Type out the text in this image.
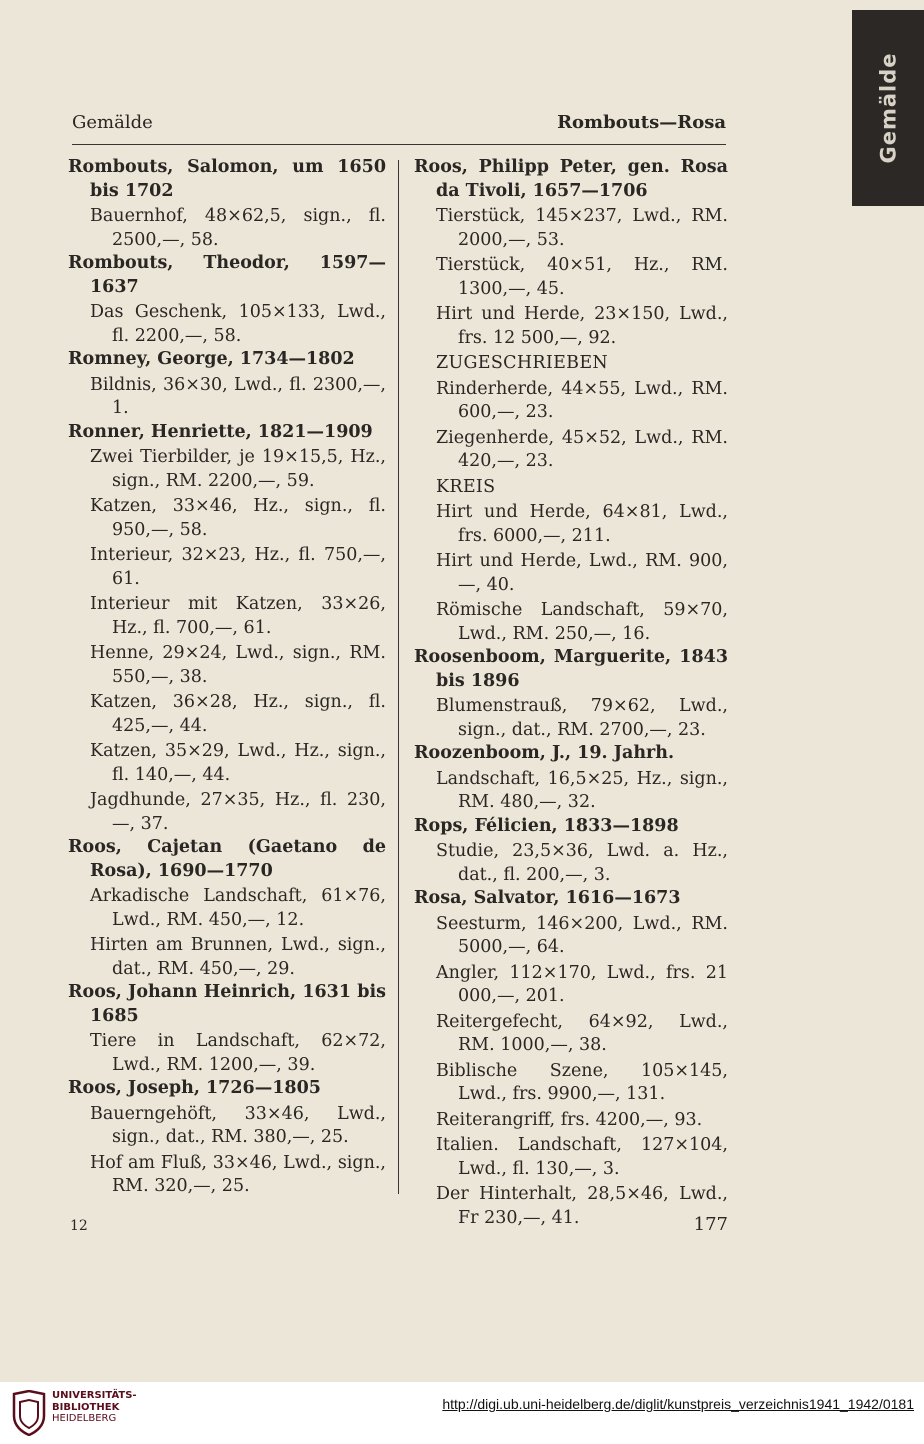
Gemälde
Gemälde	Rombouts—Rosa
Rombouts, Salomon, um 1650 bis 1702
Bauernhof, 48×62,5, sign., fl. 2500,—, 58.
Rombouts, Theodor, 1597—1637
Das Geschenk, 105×133, Lwd., fl. 2200,—, 58.
Romney, George, 1734—1802
Bildnis, 36×30, Lwd., fl. 2300,—, 1.
Ronner, Henriette, 1821—1909
Zwei Tierbilder, je 19×15,5, Hz., sign., RM. 2200,—, 59.
Katzen, 33×46, Hz., sign., fl. 950,—, 58.
Interieur, 32×23, Hz., fl. 750,—, 61.
Interieur mit Katzen, 33×26, Hz., fl. 700,—, 61.
Henne, 29×24, Lwd., sign., RM. 550,—, 38.
Katzen, 36×28, Hz., sign., fl. 425,—, 44.
Katzen, 35×29, Lwd., Hz., sign., fl. 140,—, 44.
Jagdhunde, 27×35, Hz., fl. 230,—, 37.
Roos, Cajetan (Gaetano de Rosa), 1690—1770
Arkadische Landschaft, 61×76, Lwd., RM. 450,—, 12.
Hirten am Brunnen, Lwd., sign., dat., RM. 450,—, 29.
Roos, Johann Heinrich, 1631 bis 1685
Tiere in Landschaft, 62×72, Lwd., RM. 1200,—, 39.
Roos, Joseph, 1726—1805
Bauerngehöft, 33×46, Lwd., sign., dat., RM. 380,—, 25.
Hof am Fluß, 33×46, Lwd., sign., RM. 320,—, 25.
Roos, Philipp Peter, gen. Rosa da Tivoli, 1657—1706
Tierstück, 145×237, Lwd., RM. 2000,—, 53.
Tierstück, 40×51, Hz., RM. 1300,—, 45.
Hirt und Herde, 23×150, Lwd., frs. 12 500,—, 92.
ZUGESCHRIEBEN
Rinderherde, 44×55, Lwd., RM. 600,—, 23.
Ziegenherde, 45×52, Lwd., RM. 420,—, 23.
KREIS
Hirt und Herde, 64×81, Lwd., frs. 6000,—, 211.
Hirt und Herde, Lwd., RM. 900,—, 40.
Römische Landschaft, 59×70, Lwd., RM. 250,—, 16.
Roosenboom, Marguerite, 1843 bis 1896
Blumenstrauß, 79×62, Lwd., sign., dat., RM. 2700,—, 23.
Roozenboom, J., 19. Jahrh.
Landschaft, 16,5×25, Hz., sign., RM. 480,—, 32.
Rops, Félicien, 1833—1898
Studie, 23,5×36, Lwd. a. Hz., dat., fl. 200,—, 3.
Rosa, Salvator, 1616—1673
Seesturm, 146×200, Lwd., RM. 5000,—, 64.
Angler, 112×170, Lwd., frs. 21 000,—, 201.
Reitergefecht, 64×92, Lwd., RM. 1000,—, 38.
Biblische Szene, 105×145, Lwd., frs. 9900,—, 131.
Reiterangriff, frs. 4200,—, 93.
Italien. Landschaft, 127×104, Lwd., fl. 130,—, 3.
Der Hinterhalt, 28,5×46, Lwd., Fr 230,—, 41.
12	177
UNIVERSITÄTS-
BIBLIOTHEK
HEIDELBERG
http://digi.ub.uni-heidelberg.de/diglit/kunstpreis_verzeichnis1941_1942/0181
